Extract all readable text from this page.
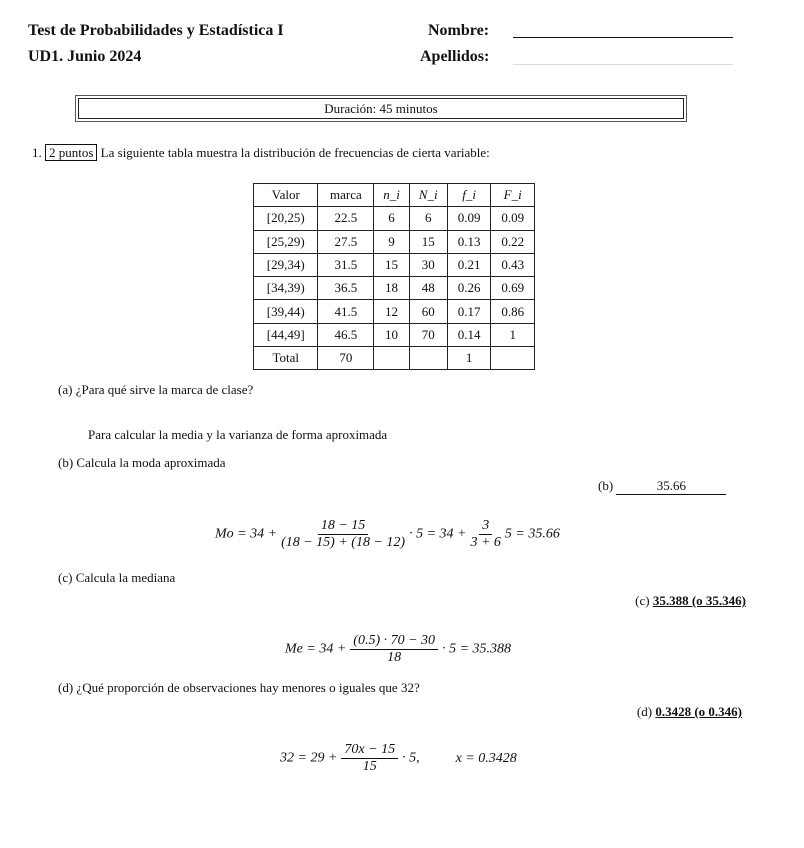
Test de Probabilidades y Estadística I
UD1. Junio 2024
Nombre:
Apellidos:
Duración: 45 minutos
1. 2 puntos La siguiente tabla muestra la distribución de frecuencias de cierta variable:
Valor	marca	n_i	N_i	f_i	F_i
[20,25)	22.5	6	6	0.09	0.09
[25,29)	27.5	9	15	0.13	0.22
[29,34)	31.5	15	30	0.21	0.43
[34,39)	36.5	18	48	0.26	0.69
[39,44)	41.5	12	60	0.17	0.86
[44,49]	46.5	10	70	0.14	1
Total	70			1	
(a) ¿Para qué sirve la marca de clase?
Para calcular la media y la varianza de forma aproximada
(b) Calcula la moda aproximada
(b)	35.66
$Mo = 34 + \frac{18 - 15}{(18 - 15) + (18 - 12)} \cdot 5 = 34 + \frac{3}{3 + 6} 5 = 35.66$
(c) Calcula la mediana
(c) 35.388 (o 35.346)
$Me = 34 + \frac{(0.5) \cdot 70 - 30}{18} \cdot 5 = 35.388$
(d) ¿Qué proporción de observaciones hay menores o iguales que 32?
(d) 0.3428 (o 0.346)
$32 = 29 + \frac{70x - 15}{15} \cdot 5$,	x = 0.3428
